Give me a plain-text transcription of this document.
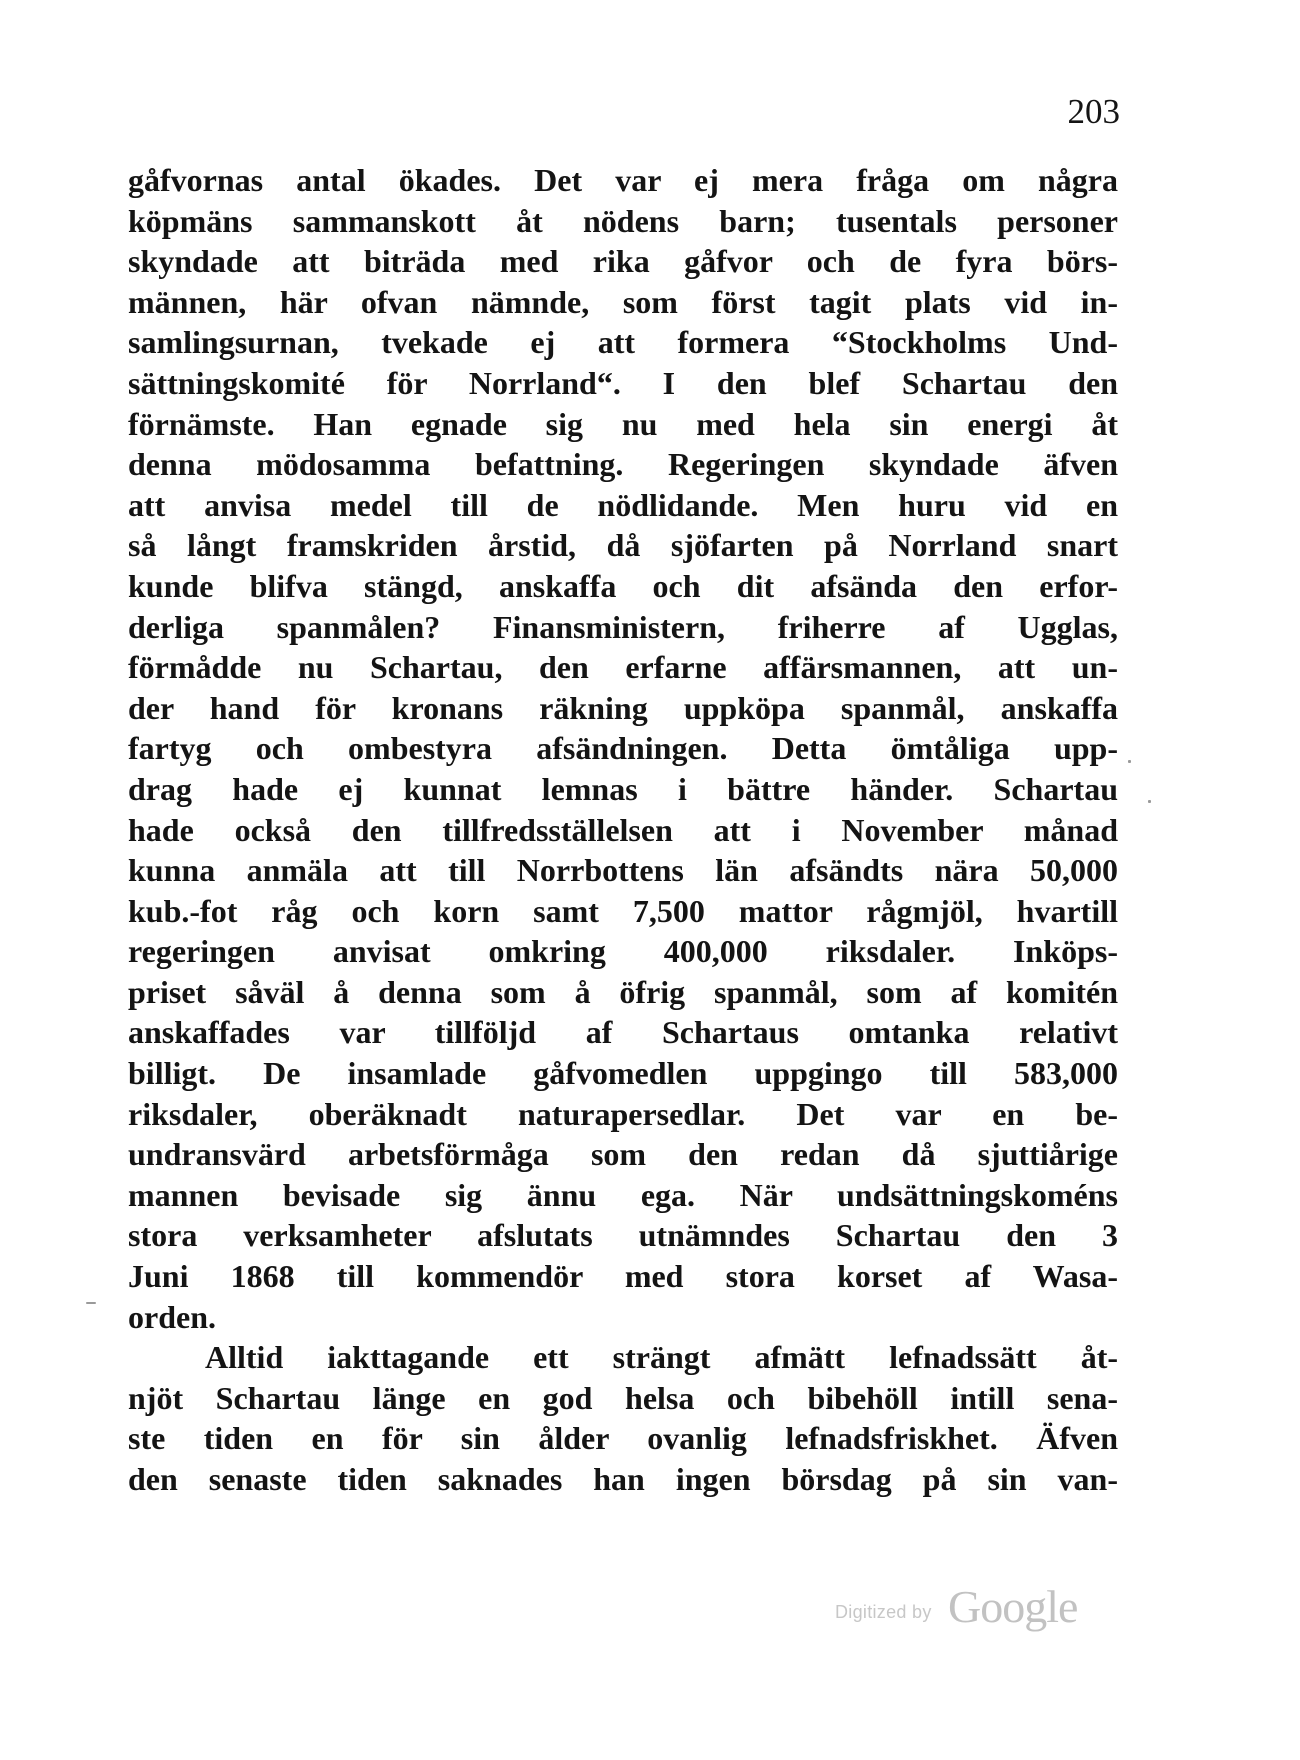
203
gåfvornas antal ökades. Det var ej mera fråga om några
köpmäns sammanskott åt nödens barn; tusentals personer
skyndade att biträda med rika gåfvor och de fyra börs-
männen, här ofvan nämnde, som först tagit plats vid in-
samlingsurnan, tvekade ej att formera “Stockholms Und-
sättningskomité för Norrland“. I den blef Schartau den
förnämste. Han egnade sig nu med hela sin energi åt
denna mödosamma befattning. Regeringen skyndade äfven
att anvisa medel till de nödlidande. Men huru vid en
så långt framskriden årstid, då sjöfarten på Norrland snart
kunde blifva stängd, anskaffa och dit afsända den erfor-
derliga spanmålen? Finansministern, friherre af Ugglas,
förmådde nu Schartau, den erfarne affärsmannen, att un-
der hand för kronans räkning uppköpa spanmål, anskaffa
fartyg och ombestyra afsändningen. Detta ömtåliga upp-
drag hade ej kunnat lemnas i bättre händer. Schartau
hade också den tillfredsställelsen att i November månad
kunna anmäla att till Norrbottens län afsändts nära 50,000
kub.-fot råg och korn samt 7,500 mattor rågmjöl, hvartill
regeringen anvisat omkring 400,000 riksdaler. Inköps-
priset såväl å denna som å öfrig spanmål, som af komitén
anskaffades var tillföljd af Schartaus omtanka relativt
billigt. De insamlade gåfvomedlen uppgingo till 583,000
riksdaler, oberäknadt naturapersedlar. Det var en be-
undransvärd arbetsförmåga som den redan då sjuttiårige
mannen bevisade sig ännu ega. När undsättningskoméns
stora verksamheter afslutats utnämndes Schartau den 3
Juni 1868 till kommendör med stora korset af Wasa-
orden.
Alltid iakttagande ett strängt afmätt lefnadssätt åt-
njöt Schartau länge en god helsa och bibehöll intill sena-
ste tiden en för sin ålder ovanlig lefnadsfriskhet. Äfven
den senaste tiden saknades han ingen börsdag på sin van-
Digitized by Google
